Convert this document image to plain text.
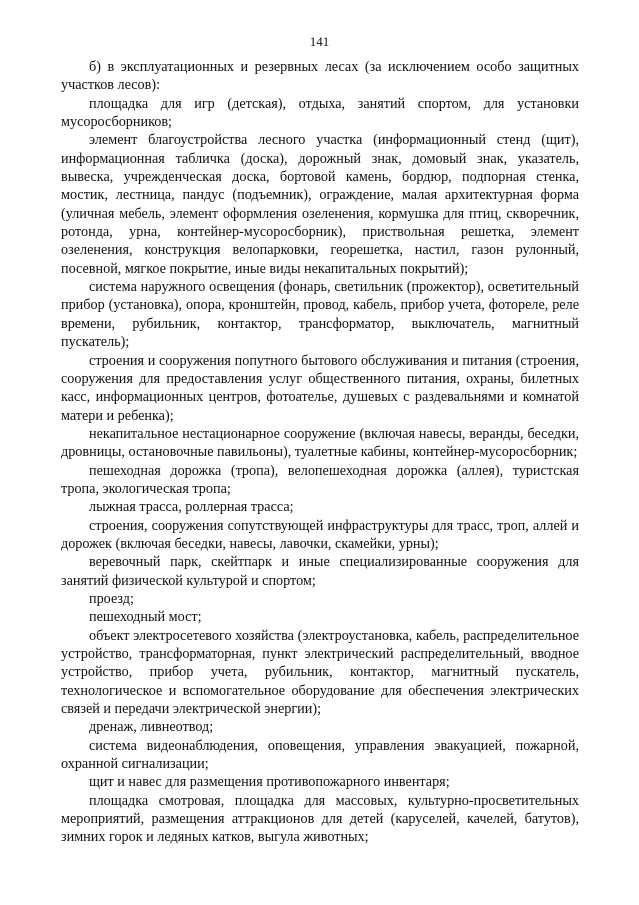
141

б) в эксплуатационных и резервных лесах (за исключением особо защитных участков лесов):

площадка для игр (детская), отдыха, занятий спортом, для установки мусоросборников;

элемент благоустройства лесного участка (информационный стенд (щит), информационная табличка (доска), дорожный знак, домовый знак, указатель, вывеска, учрежденческая доска, бортовой камень, бордюр, подпорная стенка, мостик, лестница, пандус (подъемник), ограждение, малая архитектурная форма (уличная мебель, элемент оформления озеленения, кормушка для птиц, скворечник, ротонда, урна, контейнер-мусоросборник), приствольная решетка, элемент озеленения, конструкция велопарковки, георешетка, настил, газон рулонный, посевной, мягкое покрытие, иные виды некапитальных покрытий);

система наружного освещения (фонарь, светильник (прожектор), осветительный прибор (установка), опора, кронштейн, провод, кабель, прибор учета, фотореле, реле времени, рубильник, контактор, трансформатор, выключатель, магнитный пускатель);

строения и сооружения попутного бытового обслуживания и питания (строения, сооружения для предоставления услуг общественного питания, охраны, билетных касс, информационных центров, фотоателье, душевых с раздевальнями и комнатой матери и ребенка);

некапитальное нестационарное сооружение (включая навесы, веранды, беседки, дровницы, остановочные павильоны), туалетные кабины, контейнер-мусоросборник;

пешеходная дорожка (тропа), велопешеходная дорожка (аллея), туристская тропа, экологическая тропа;

лыжная трасса, роллерная трасса;

строения, сооружения сопутствующей инфраструктуры для трасс, троп, аллей и дорожек (включая беседки, навесы, лавочки, скамейки, урны);

веревочный парк, скейтпарк и иные специализированные сооружения для занятий физической культурой и спортом;

проезд;

пешеходный мост;

объект электросетевого хозяйства (электроустановка, кабель, распределительное устройство, трансформаторная, пункт электрический распределительный, вводное устройство, прибор учета, рубильник, контактор, магнитный пускатель, технологическое и вспомогательное оборудование для обеспечения электрических связей и передачи электрической энергии);

дренаж, ливнеотвод;

система видеонаблюдения, оповещения, управления эвакуацией, пожарной, охранной сигнализации;

щит и навес для размещения противопожарного инвентаря;

площадка смотровая, площадка для массовых, культурно-просветительных мероприятий, размещения аттракционов для детей (каруселей, качелей, батутов), зимних горок и ледяных катков, выгула животных;
